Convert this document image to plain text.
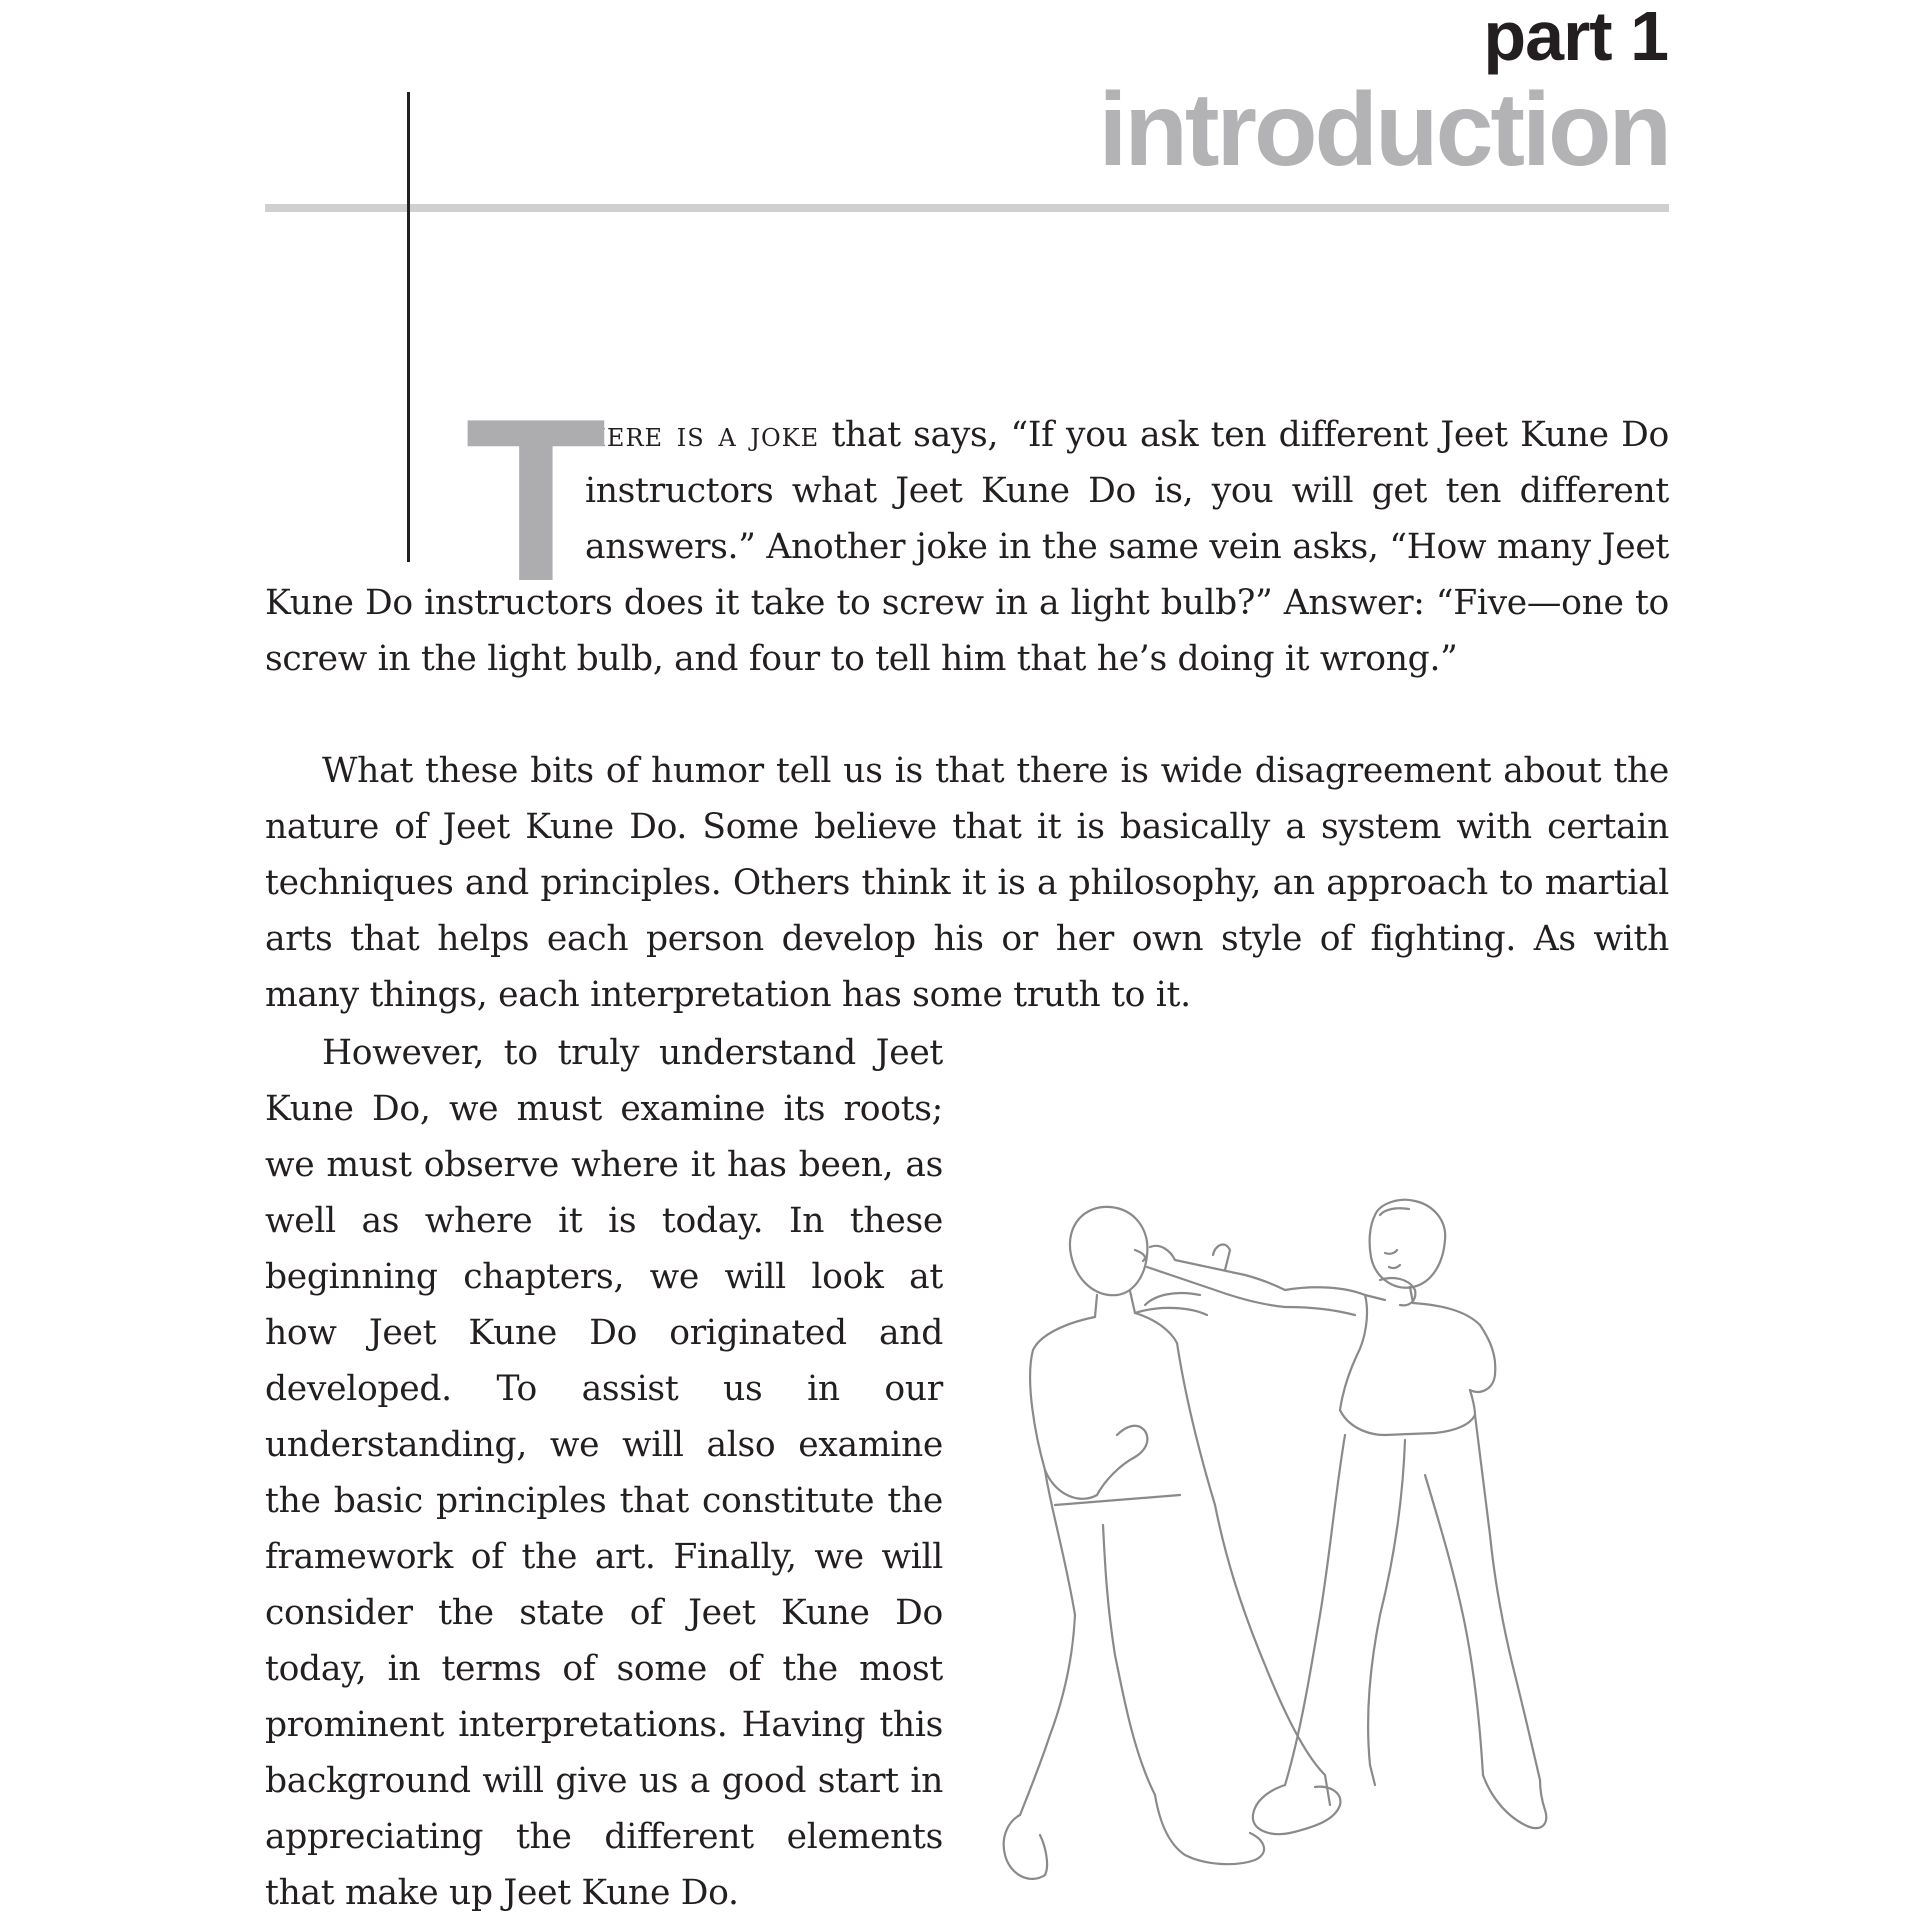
part 1
introduction

T
here is a joke that says, “If you ask ten different Jeet Kune Do instructors what Jeet Kune Do is, you will get ten different answers.” Another joke in the same vein asks, “How many Jeet Kune Do instructors does it take to screw in a light bulb?” Answer: “Five—one to screw in the light bulb, and four to tell him that he’s doing it wrong.”

What these bits of humor tell us is that there is wide disagreement about the nature of Jeet Kune Do. Some believe that it is basically a system with certain techniques and principles. Others think it is a philosophy, an approach to martial arts that helps each person develop his or her own style of fighting. As with many things, each interpretation has some truth to it.

However, to truly understand Jeet Kune Do, we must examine its roots; we must observe where it has been, as well as where it is today. In these beginning chapters, we will look at how Jeet Kune Do originated and developed. To assist us in our understanding, we will also examine the basic principles that constitute the framework of the art. Finally, we will consider the state of Jeet Kune Do today, in terms of some of the most prominent interpretations. Having this background will give us a good start in appreciating the different elements that make up Jeet Kune Do.
